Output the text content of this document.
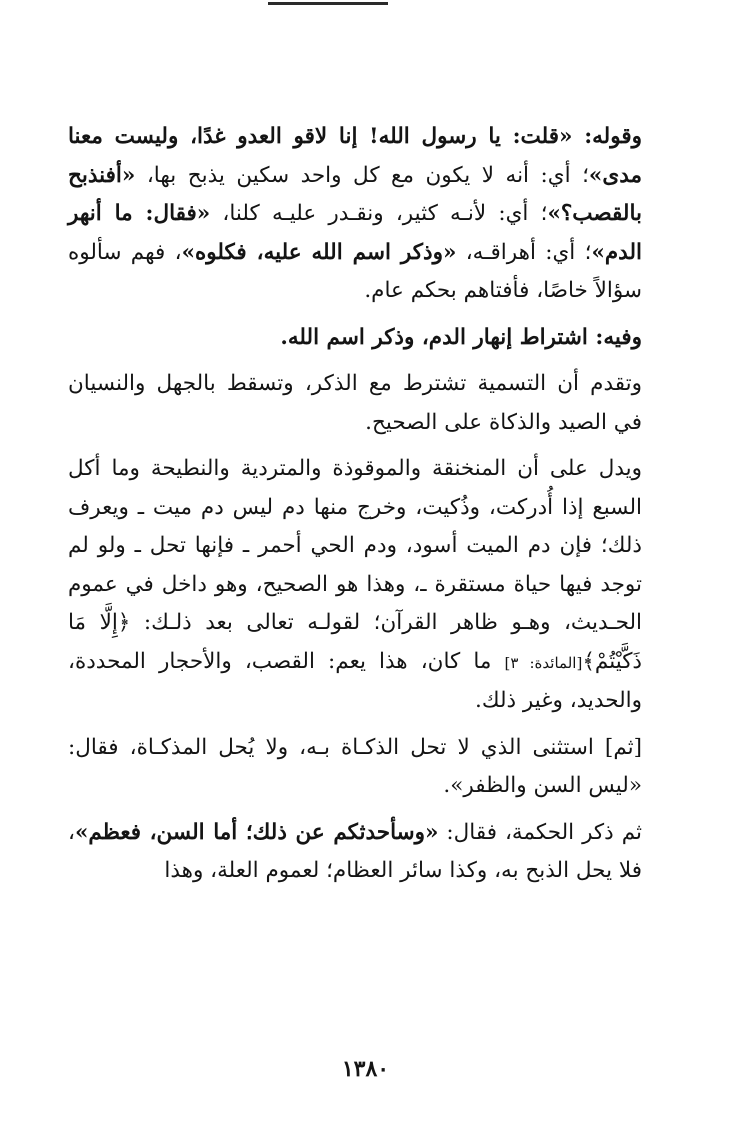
وقوله: «قلت: يا رسول الله! إنا لاقو العدو غدًا، وليست معنا مدى»؛ أي: أنه لا يكون مع كل واحد سكين يذبح بها، «أفنذبح بالقصب؟»؛ أي: لأنـه كثير، ونقـدر عليـه كلنا، «فقال: ما أنهر الدم»؛ أي: أهراقـه، «وذكر اسم الله عليه، فكلوه»، فهم سألوه سؤالاً خاصًا، فأفتاهم بحكم عام.

وفيه: اشتراط إنهار الدم، وذكر اسم الله.

وتقدم أن التسمية تشترط مع الذكر، وتسقط بالجهل والنسيان في الصيد والذكاة على الصحيح.

ويدل على أن المنخنقة والموقوذة والمتردية والنطيحة وما أكل السبع إذا أُدركت، وذُكيت، وخرج منها دم ليس دم ميت ـ ويعرف ذلك؛ فإن دم الميت أسود، ودم الحي أحمر ـ فإنها تحل ـ ولو لم توجد فيها حياة مستقرة ـ، وهذا هو الصحيح، وهو داخل في عموم الحـديث، وهـو ظاهر القرآن؛ لقولـه تعالى بعد ذلـك: ﴿إِلَّا مَا ذَكَّيْتُمْ﴾[المائدة: ٣] ما كان، هذا يعم: القصب، والأحجار المحددة، والحديد، وغير ذلك.

[ثم] استثنى الذي لا تحل الذكـاة بـه، ولا يُحل المذكـاة، فقال: «ليس السن والظفر».

ثم ذكر الحكمة، فقال: «وسأحدثكم عن ذلك؛ أما السن، فعظم»، فلا يحل الذبح به، وكذا سائر العظام؛ لعموم العلة، وهذا

١٣٨٠
